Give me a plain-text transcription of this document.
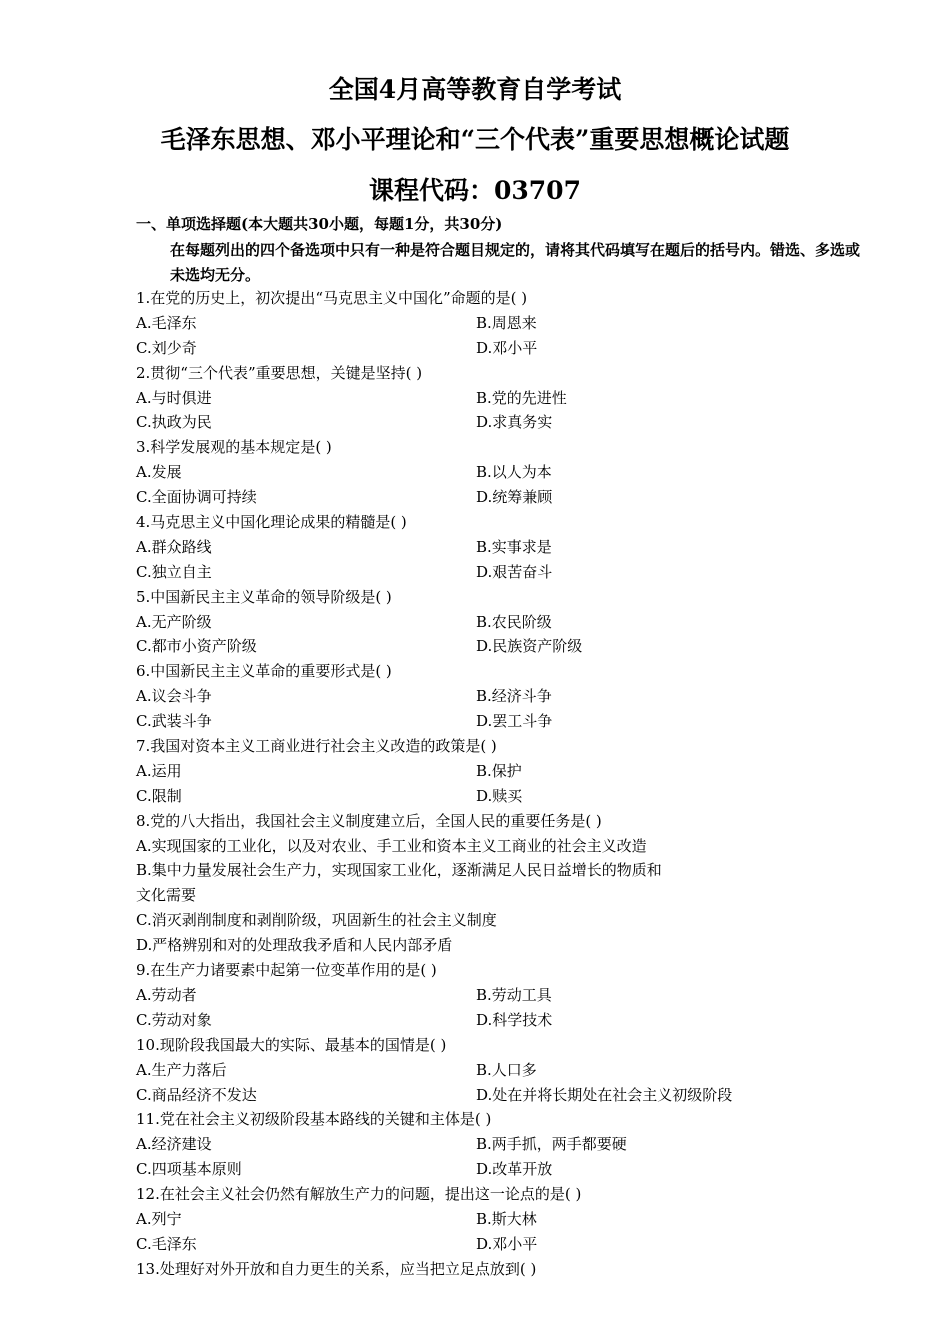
全国4月高等教育自学考试
毛泽东思想、邓小平理论和“三个代表”重要思想概论试题
课程代码：03707
一、单项选择题(本大题共30小题，每题1分，共30分)
在每题列出的四个备选项中只有一种是符合题目规定的，请将其代码填写在题后的括号内。错选、多选或未选均无分。
1.在党的历史上，初次提出“马克思主义中国化”命题的是( )
A.毛泽东	B.周恩来
C.刘少奇	D.邓小平
2.贯彻“三个代表”重要思想，关键是坚持( )
A.与时俱进	B.党的先进性
C.执政为民	D.求真务实
3.科学发展观的基本规定是( )
A.发展	B.以人为本
C.全面协调可持续	D.统筹兼顾
4.马克思主义中国化理论成果的精髓是( )
A.群众路线	B.实事求是
C.独立自主	D.艰苦奋斗
5.中国新民主主义革命的领导阶级是( )
A.无产阶级	B.农民阶级
C.都市小资产阶级	D.民族资产阶级
6.中国新民主主义革命的重要形式是( )
A.议会斗争	B.经济斗争
C.武装斗争	D.罢工斗争
7.我国对资本主义工商业进行社会主义改造的政策是( )
A.运用	B.保护
C.限制	D.赎买
8.党的八大指出，我国社会主义制度建立后，全国人民的重要任务是( )
A.实现国家的工业化，以及对农业、手工业和资本主义工商业的社会主义改造
B.集中力量发展社会生产力，实现国家工业化，逐渐满足人民日益增长的物质和
文化需要
C.消灭剥削制度和剥削阶级，巩固新生的社会主义制度
D.严格辨别和对的处理敌我矛盾和人民内部矛盾
9.在生产力诸要素中起第一位变革作用的是( )
A.劳动者	B.劳动工具
C.劳动对象	D.科学技术
10.现阶段我国最大的实际、最基本的国情是( )
A.生产力落后	B.人口多
C.商品经济不发达	D.处在并将长期处在社会主义初级阶段
11.党在社会主义初级阶段基本路线的关键和主体是( )
A.经济建设	B.两手抓，两手都要硬
C.四项基本原则	D.改革开放
12.在社会主义社会仍然有解放生产力的问题，提出这一论点的是( )
A.列宁	B.斯大林
C.毛泽东	D.邓小平
13.处理好对外开放和自力更生的关系，应当把立足点放到( )
